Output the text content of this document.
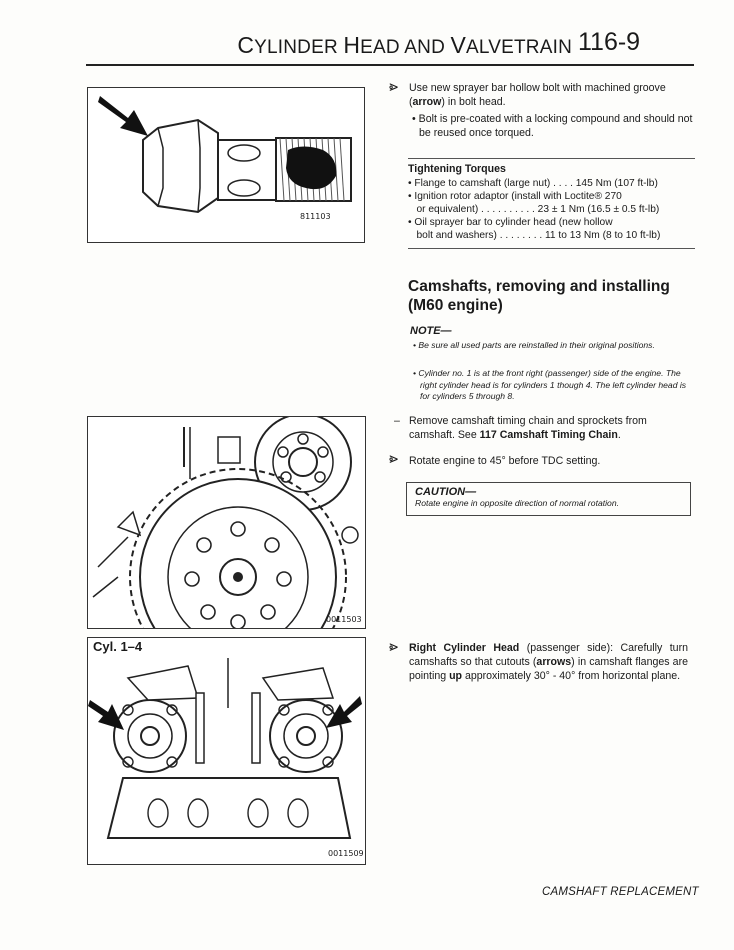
CYLINDER HEAD AND VALVETRAIN 116-9
811103
⩺ Use new sprayer bar hollow bolt with machined groove (arrow) in bolt head.
• Bolt is pre-coated with a locking compound and should not be reused once torqued.
Tightening Torques
• Flange to camshaft (large nut) . . . . 145 Nm (107 ft-lb)
• Ignition rotor adaptor (install with Loctite® 270
or equivalent) . . . . . . . . . . 23 ± 1 Nm (16.5 ± 0.5 ft-lb)
• Oil sprayer bar to cylinder head (new hollow
bolt and washers) . . . . . . . . 11 to 13 Nm (8 to 10 ft-lb)
Camshafts, removing and installing
(M60 engine)
NOTE—
• Be sure all used parts are reinstalled in their original positions.
• Cylinder no. 1 is at the front right (passenger) side of the engine. The right cylinder head is for cylinders 1 though 4. The left cylinder head is for cylinders 5 through 8.
0011503
– Remove camshaft timing chain and sprockets from camshaft. See 117 Camshaft Timing Chain.
⩺ Rotate engine to 45° before TDC setting.
CAUTION—
Rotate engine in opposite direction of normal rotation.
Cyl. 1–4
0011509
⩺ Right Cylinder Head (passenger side): Carefully turn camshafts so that cutouts (arrows) in camshaft flanges are pointing up approximately 30° - 40° from horizontal plane.
CAMSHAFT REPLACEMENT
